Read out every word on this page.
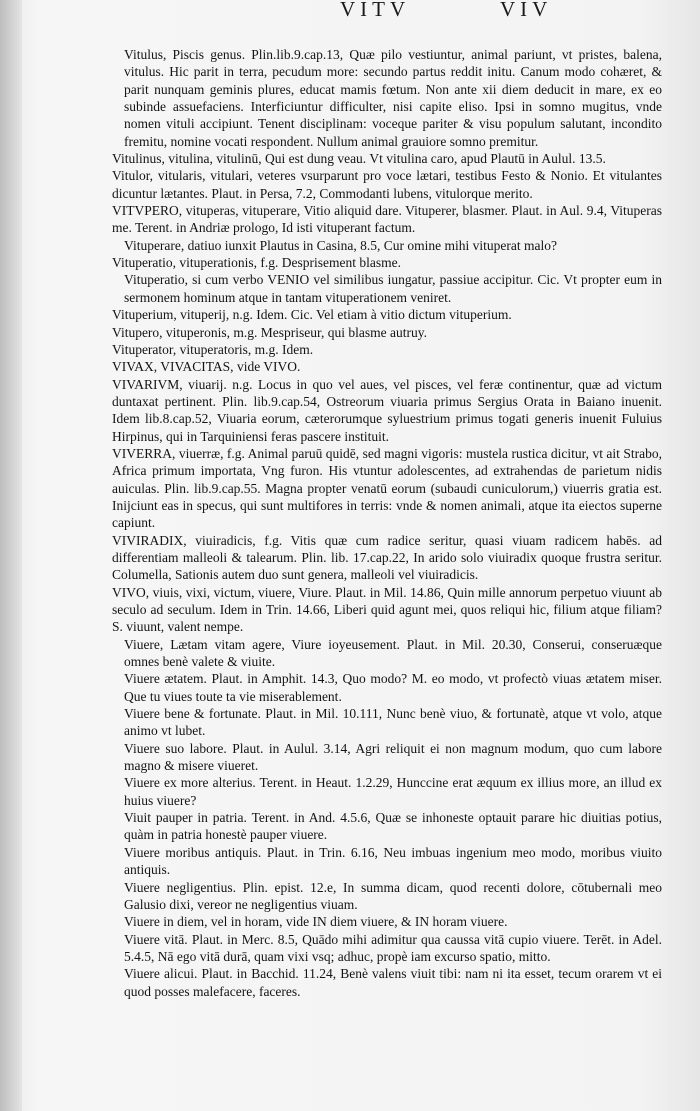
VITV	VIV

Vitulus, Piscis genus. Plin.lib.9.cap.13, Quæ pilo vestiuntur, animal pariunt, vt pristes, balena, vitulus. Hic parit in terra, pecudum more: secundo partus reddit initu. Canum modo cohæret, & parit nunquam geminis plures, educat mamis fœtum. Non ante xii diem deducit in mare, ex eo subinde assuefaciens. Interficiuntur difficulter, nisi capite eliso. Ipsi in somno mugitus, vnde nomen vituli accipiunt. Tenent disciplinam: voceque pariter & visu populum salutant, incondito fremitu, nomine vocati respondent. Nullum animal grauiore somno premitur.

Vitulinus, vitulina, vitulinū, Qui est dung veau. Vt vitulina caro, apud Plautū in Aulul. 13.5.

Vitulor, vitularis, vitulari, veteres vsurparunt pro voce lætari, testibus Festo & Nonio. Et vitulantes dicuntur lætantes. Plaut. in Persa, 7.2, Commodanti lubens, vitulorque merito.

VITVPERO, vituperas, vituperare, Vitio aliquid dare. Vituperer, blasmer. Plaut. in Aul. 9.4, Vituperas me. Terent. in Andriæ prologo, Id isti vituperant factum.

Vituperare, datiuo iunxit Plautus in Casina, 8.5, Cur omine mihi vituperat malo?

Vituperatio, vituperationis, f.g. Desprisement blasme.

Vituperatio, si cum verbo VENIO vel similibus iungatur, passiue accipitur. Cic. Vt propter eum in sermonem hominum atque in tantam vituperationem veniret.

Vituperium, vituperij, n.g. Idem. Cic. Vel etiam à vitio dictum vituperium.

Vitupero, vituperonis, m.g. Mespriseur, qui blasme autruy.

Vituperator, vituperatoris, m.g. Idem.

VIVAX, VIVACITAS, vide VIVO.

VIVARIVM, viuarij. n.g. Locus in quo vel aues, vel pisces, vel feræ continentur, quæ ad victum duntaxat pertinent. Plin. lib.9.cap.54, Ostreorum viuaria primus Sergius Orata in Baiano inuenit. Idem lib.8.cap.52, Viuaria eorum, cæterorumque syluestrium primus togati generis inuenit Fuluius Hirpinus, qui in Tarquiniensi feras pascere instituit.

VIVERRA, viuerræ, f.g. Animal paruū quidē, sed magni vigoris: mustela rustica dicitur, vt ait Strabo, Africa primum importata, Vng furon. His vtuntur adolescentes, ad extrahendas de parietum nidis auiculas. Plin. lib.9.cap.55. Magna propter venatū eorum (subaudi cuniculorum,) viuerris gratia est. Inijciunt eas in specus, qui sunt multifores in terris: vnde & nomen animali, atque ita eiectos superne capiunt.

VIVIRADIX, viuiradicis, f.g. Vitis quæ cum radice seritur, quasi viuam radicem habēs. ad differentiam malleoli & talearum. Plin. lib. 17.cap.22, In arido solo viuiradix quoque frustra seritur. Columella, Sationis autem duo sunt genera, malleoli vel viuiradicis.

VIVO, viuis, vixi, victum, viuere, Viure. Plaut. in Mil. 14.86, Quin mille annorum perpetuo viuunt ab seculo ad seculum. Idem in Trin. 14.66, Liberi quid agunt mei, quos reliqui hic, filium atque filiam? S. viuunt, valent nempe.

Viuere, Lætam vitam agere, Viure ioyeusement. Plaut. in Mil. 20.30, Conserui, conseruæque omnes benè valete & viuite.

Viuere ætatem. Plaut. in Amphit. 14.3, Quo modo? M. eo modo, vt profectò viuas ætatem miser. Que tu viues toute ta vie miserablement.

Viuere bene & fortunate. Plaut. in Mil. 10.111, Nunc benè viuo, & fortunatè, atque vt volo, atque animo vt lubet.

Viuere suo labore. Plaut. in Aulul. 3.14, Agri reliquit ei non magnum modum, quo cum labore magno & misere viueret.

Viuere ex more alterius. Terent. in Heaut. 1.2.29, Hunccine erat æquum ex illius more, an illud ex huius viuere?

Viuit pauper in patria. Terent. in And. 4.5.6, Quæ se inhoneste optauit parare hic diuitias potius, quàm in patria honestè pauper viuere.

Viuere moribus antiquis. Plaut. in Trin. 6.16, Neu imbuas ingenium meo modo, moribus viuito antiquis.

Viuere negligentius. Plin. epist. 12.e, In summa dicam, quod recenti dolore, cōtubernali meo Galusio dixi, vereor ne negligentius viuam.

Viuere in diem, vel in horam, vide IN diem viuere, & IN horam viuere.

Viuere vitā. Plaut. in Merc. 8.5, Quādo mihi adimitur qua caussa vitā cupio viuere. Terēt. in Adel. 5.4.5, Nā ego vitā durā, quam vixi vsq; adhuc, propè iam excurso spatio, mitto.

Viuere alicui. Plaut. in Bacchid. 11.24, Benè valens viuit tibi: nam ni ita esset, tecum orarem vt ei quod posses malefacere, faceres.
